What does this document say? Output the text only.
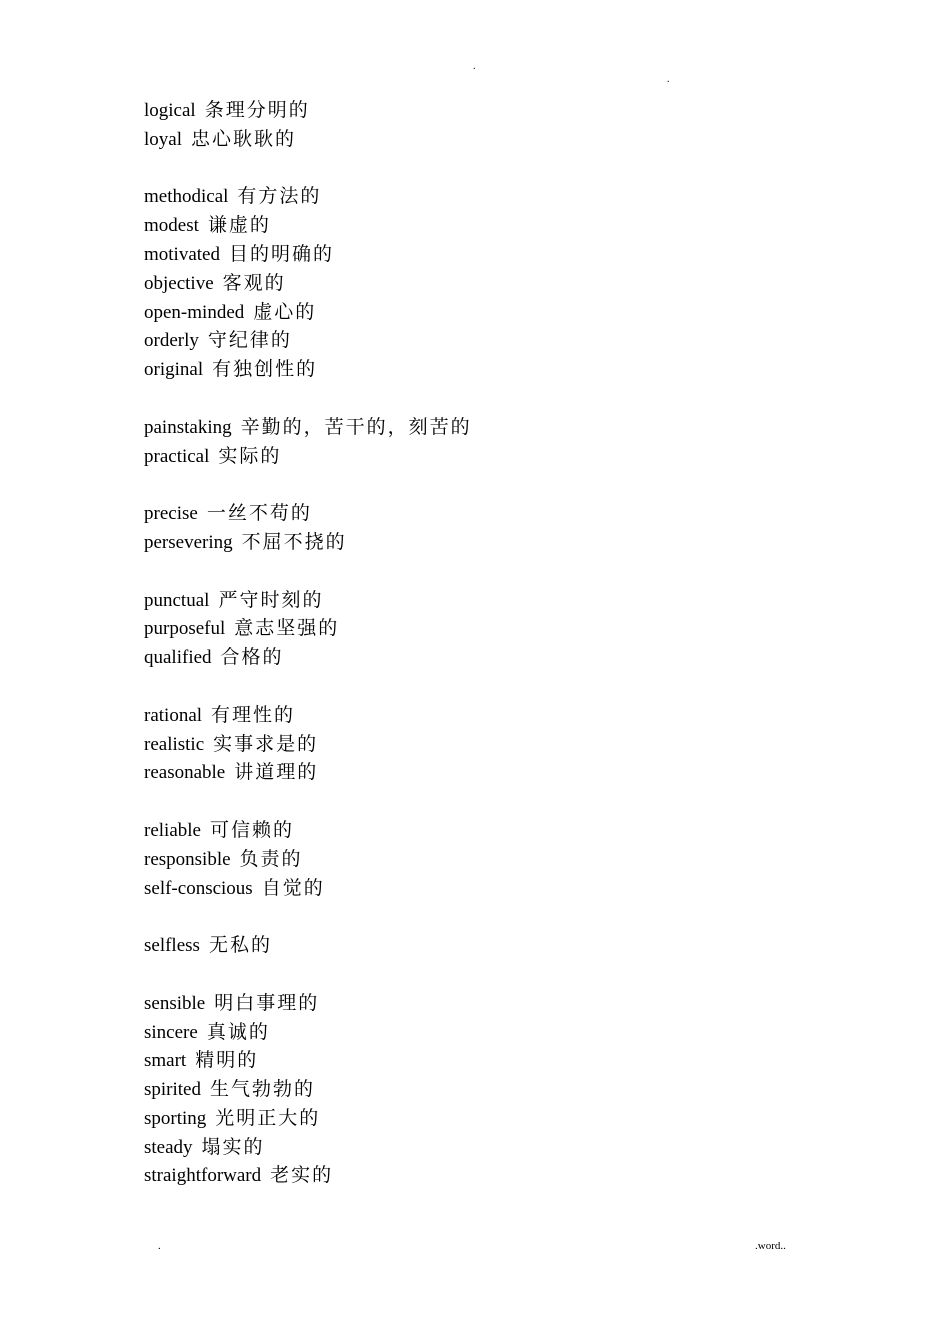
.
.
logical 条理分明的
loyal 忠心耿耿的
methodical 有方法的
modest 谦虚的
motivated 目的明确的
objective 客观的
open-minded 虚心的
orderly 守纪律的
original 有独创性的
painstaking 辛勤的，苦干的，刻苦的
practical 实际的
precise 一丝不苟的
persevering 不屈不挠的
punctual 严守时刻的
purposeful 意志坚强的
qualified 合格的
rational 有理性的
realistic 实事求是的
reasonable 讲道理的
reliable 可信赖的
responsible 负责的
self-conscious 自觉的
selfless 无私的
sensible 明白事理的
sincere 真诚的
smart 精明的
spirited 生气勃勃的
sporting 光明正大的
steady 塌实的
straightforward 老实的
.	.word..
